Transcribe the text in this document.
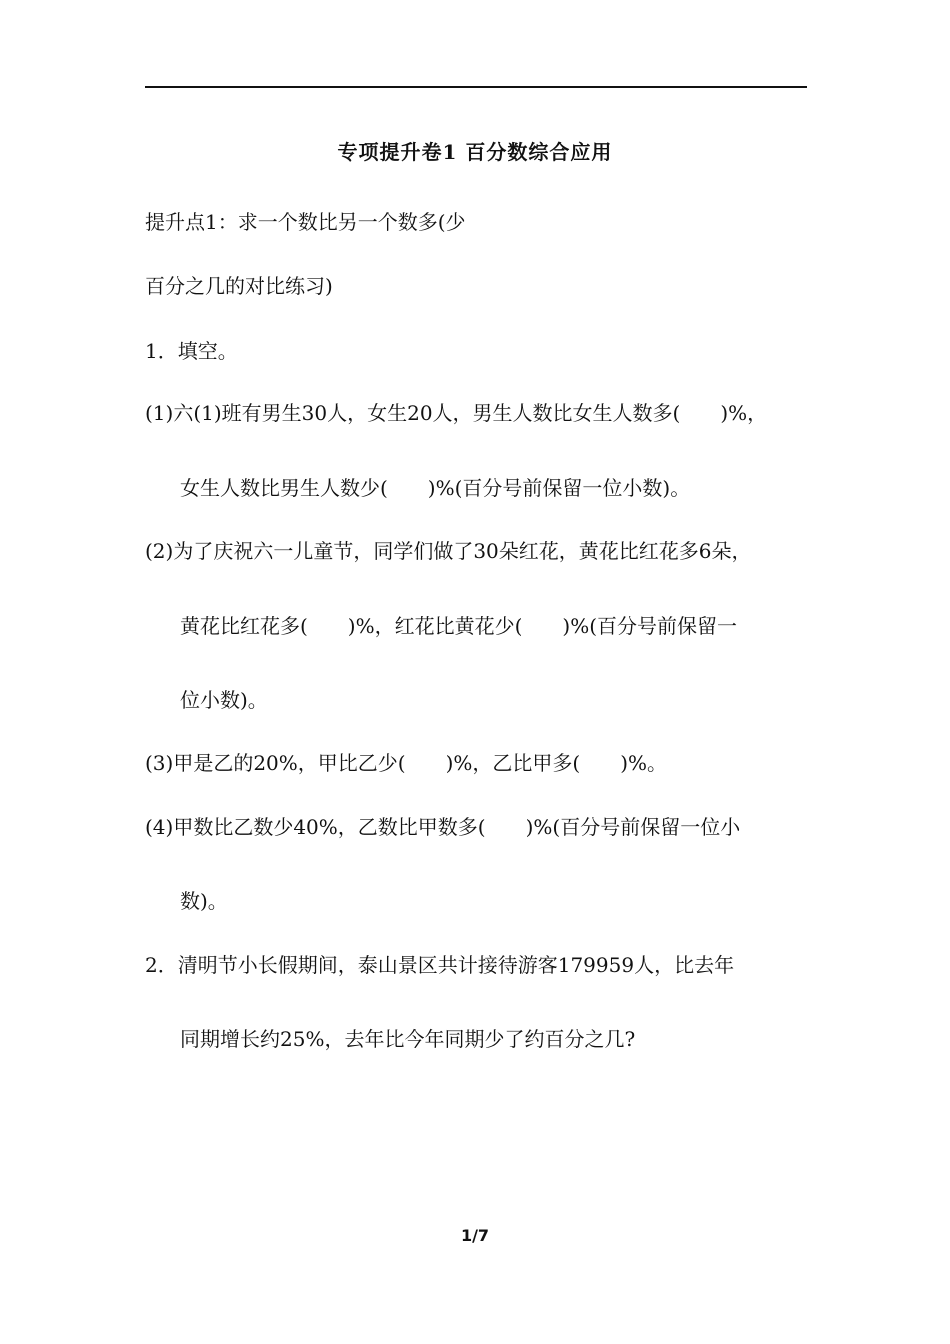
专项提升卷1 百分数综合应用
提升点1：求一个数比另一个数多(少
百分之几的对比练习)
1．填空。
(1)六(1)班有男生30人，女生20人，男生人数比女生人数多(　　)%，
女生人数比男生人数少(　　)%(百分号前保留一位小数)。
(2)为了庆祝六一儿童节，同学们做了30朵红花，黄花比红花多6朵，
黄花比红花多(　　)%，红花比黄花少(　　)%(百分号前保留一
位小数)。
(3)甲是乙的20%，甲比乙少(　　)%，乙比甲多(　　)%。
(4)甲数比乙数少40%，乙数比甲数多(　　)%(百分号前保留一位小
数)。
2．清明节小长假期间，泰山景区共计接待游客179959人，比去年
同期增长约25%，去年比今年同期少了约百分之几?
1/7
